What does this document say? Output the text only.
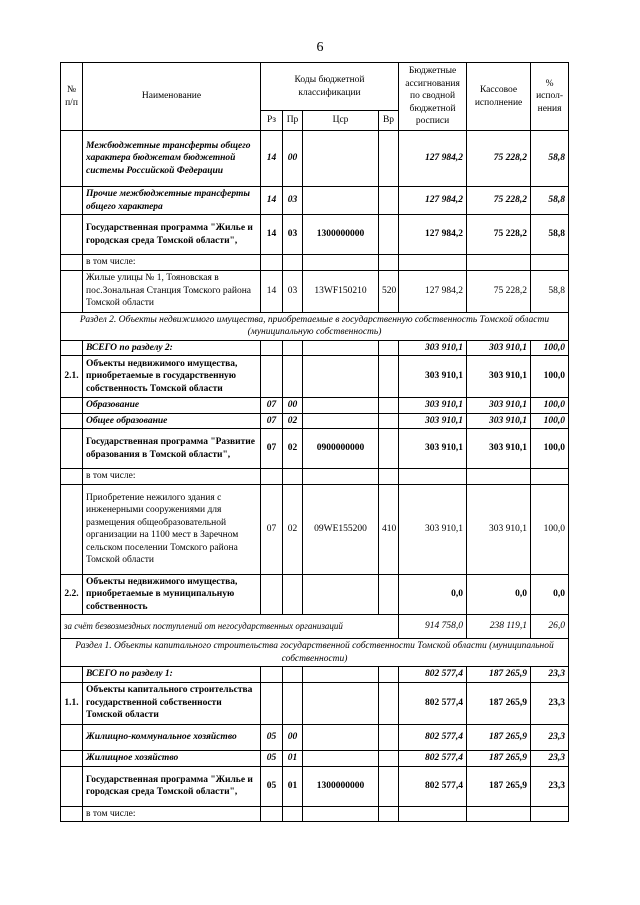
6
№ п/п	Наименование	Коды бюджетной классификации				Бюджетные ассигнования по сводной бюджетной росписи	Кассовое исполнение	% испол-нения
		Рз	Пр	Цср	Вр			
	Межбюджетные трансферты общего характера бюджетам бюджетной системы Российской Федерации	14	00			127 984,2	75 228,2	58,8
	Прочие межбюджетные трансферты общего характера	14	03			127 984,2	75 228,2	58,8
	Государственная программа "Жилье и городская среда Томской области",	14	03	1300000000		127 984,2	75 228,2	58,8
	в том числе:							
	Жилые улицы № 1, Тояновская в пос.Зональная Станция Томского района Томской области	14	03	13WF150210	520	127 984,2	75 228,2	58,8
Раздел 2. Объекты недвижимого имущества, приобретаемые в государственную собственность Томской области (муниципальную собственность)								
	ВСЕГО по разделу 2:					303 910,1	303 910,1	100,0
2.1.	Объекты недвижимого имущества, приобретаемые в государственную собственность Томской области					303 910,1	303 910,1	100,0
	Образование	07	00			303 910,1	303 910,1	100,0
	Общее образование	07	02			303 910,1	303 910,1	100,0
	Государственная программа "Развитие образования в Томской области",	07	02	0900000000		303 910,1	303 910,1	100,0
	в том числе:							
	Приобретение нежилого здания с инженерными сооружениями для размещения общеобразовательной организации на 1100 мест в Заречном сельском поселении Томского района Томской области	07	02	09WE155200	410	303 910,1	303 910,1	100,0
2.2.	Объекты недвижимого имущества, приобретаемые в муниципальную собственность					0,0	0,0	0,0
за счёт безвозмездных поступлений от негосударственных организаций						914 758,0	238 119,1	26,0
Раздел 1. Объекты капитального строительства государственной собственности Томской области (муниципальной собственности)								
	ВСЕГО по разделу 1:					802 577,4	187 265,9	23,3
1.1.	Объекты капитального строительства государственной собственности Томской области					802 577,4	187 265,9	23,3
	Жилищно-коммунальное хозяйство	05	00			802 577,4	187 265,9	23,3
	Жилищное хозяйство	05	01			802 577,4	187 265,9	23,3
	Государственная программа "Жилье и городская среда Томской области",	05	01	1300000000		802 577,4	187 265,9	23,3
	в том числе:							
